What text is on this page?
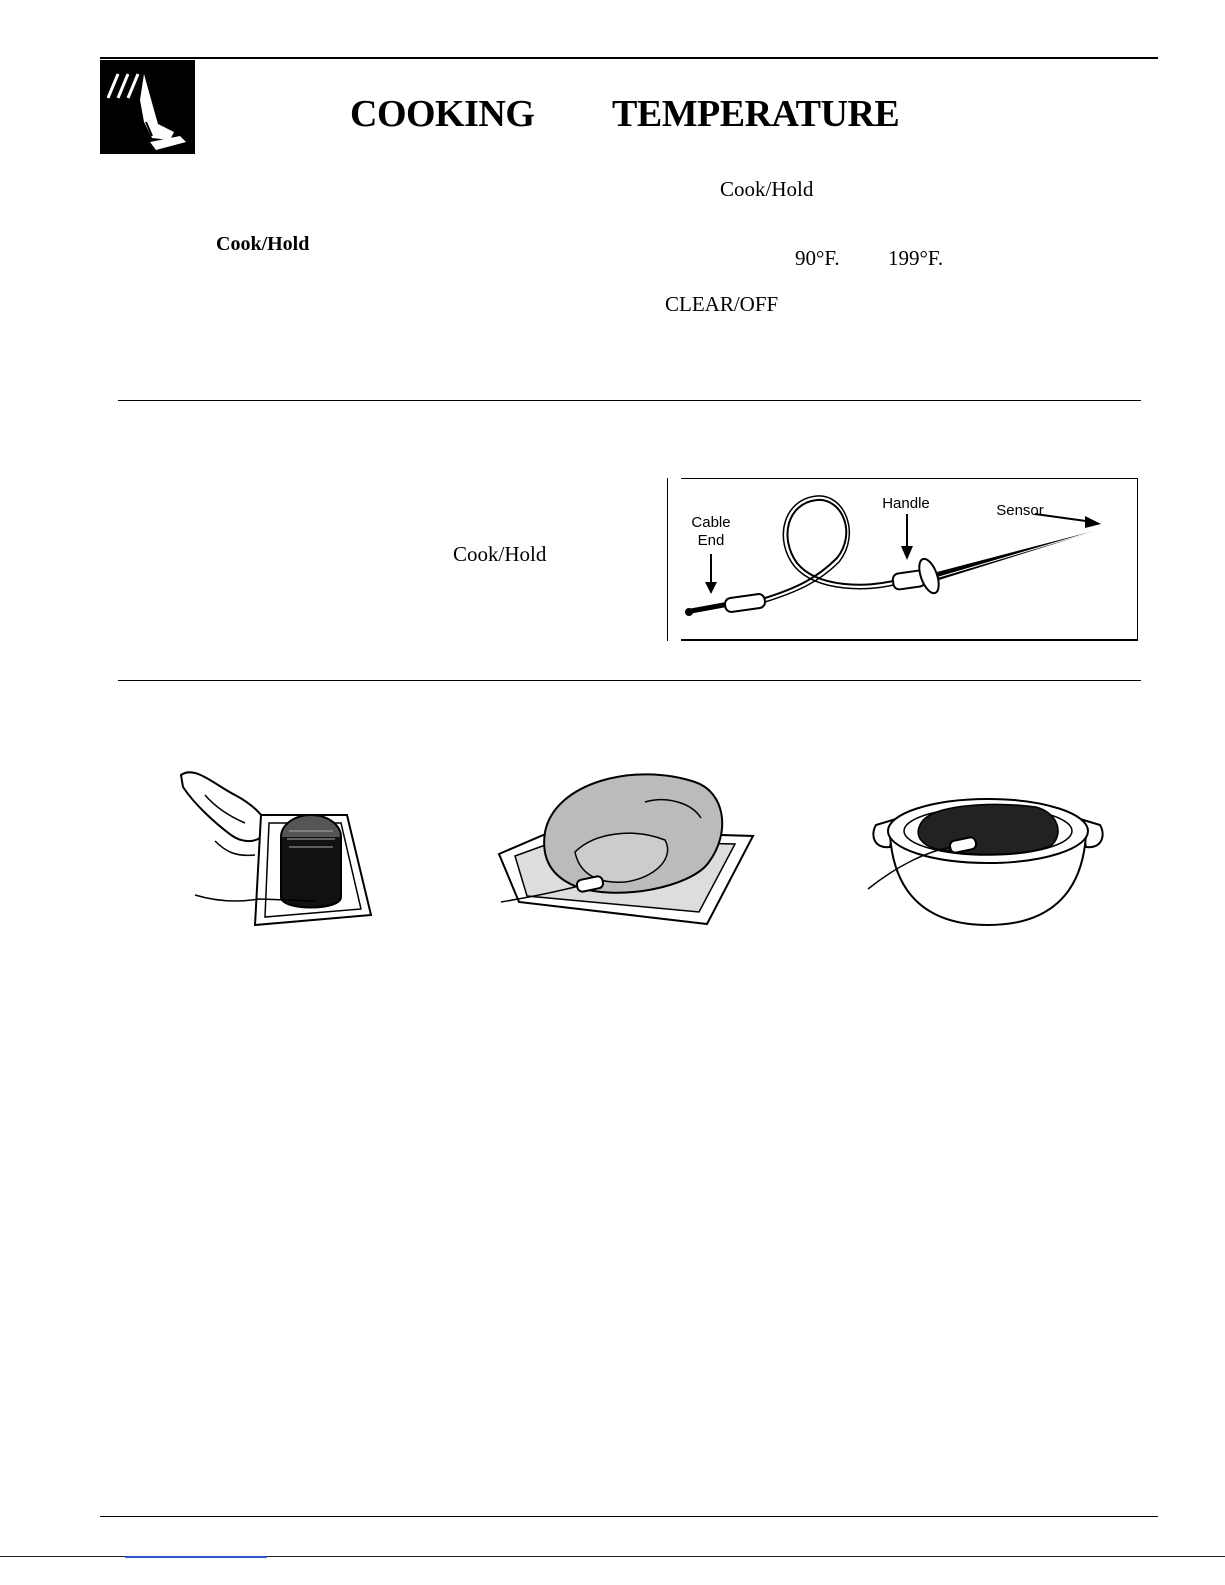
COOKING TEMPERATURE
Cook/Hold
Cook/Hold
90°F. 199°F.
CLEAR/OFF
Cook/Hold
Cable
End
Handle	Sensor
